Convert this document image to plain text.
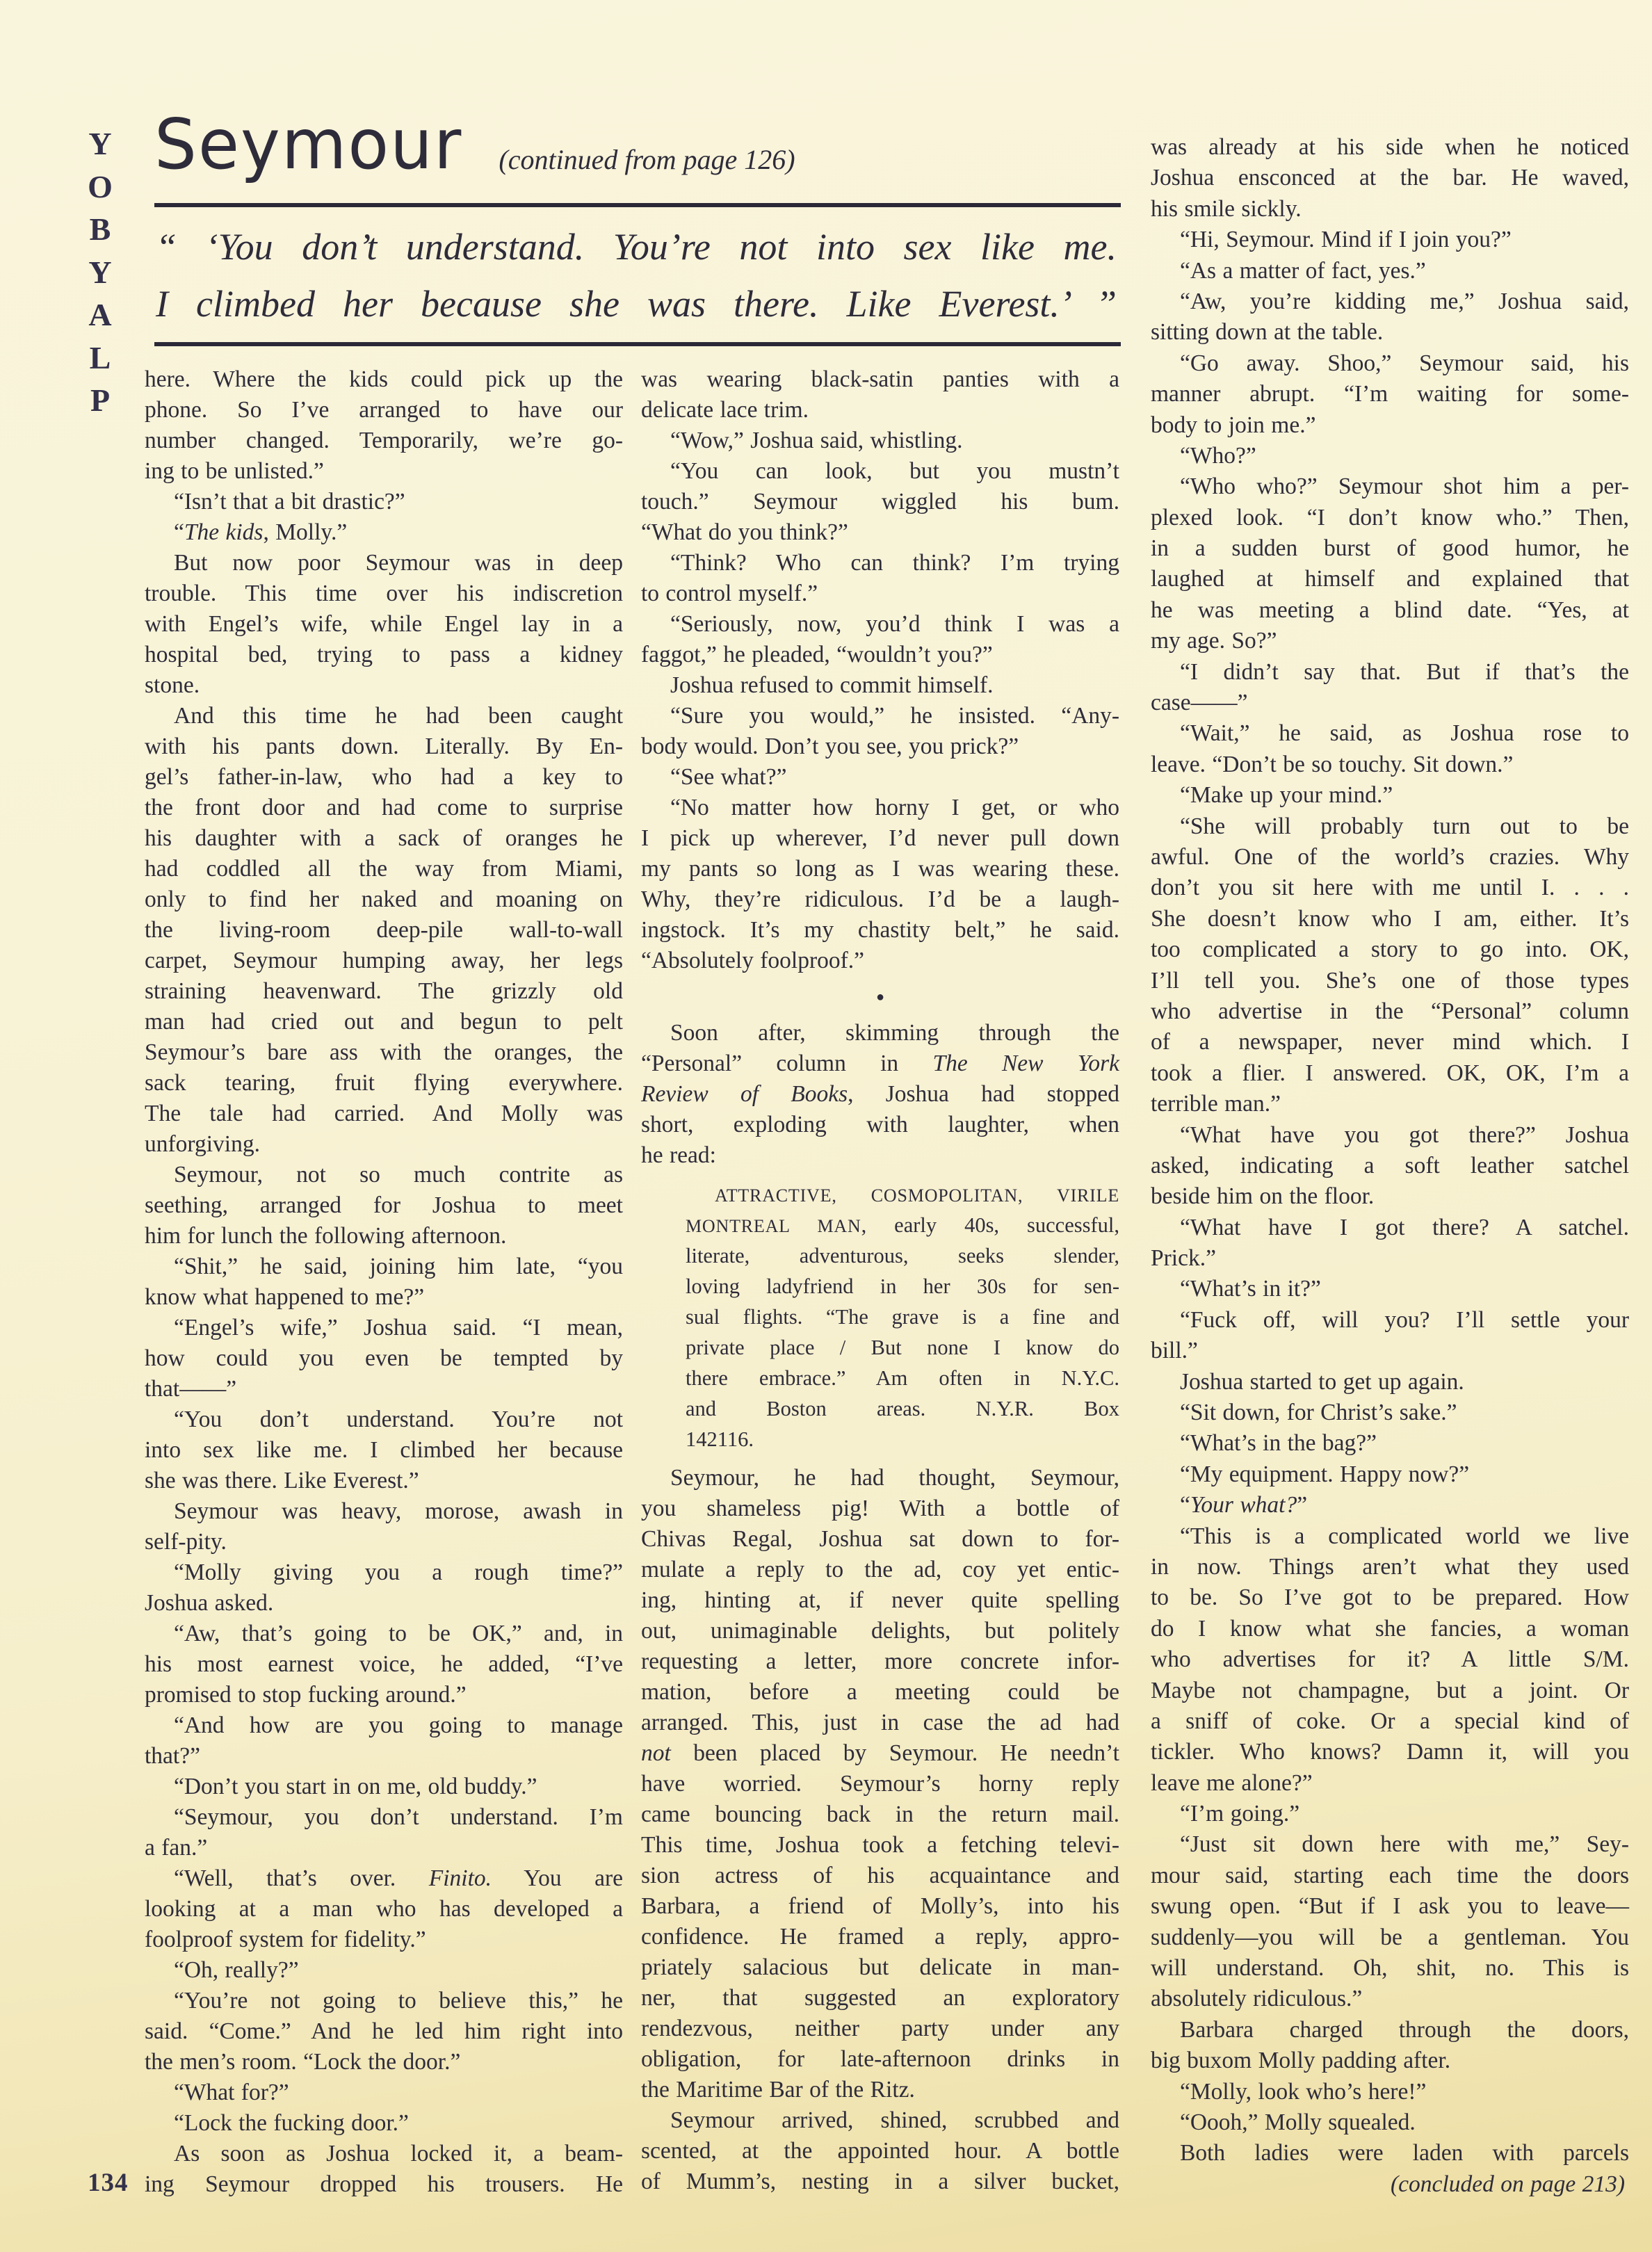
P
L
A
Y
B
O
Y Seymour (continued from page 126)
“ ‘You don’t understand. You’re not into sex like me.
I climbed her because she was there. Like Everest.’ ”
here. Where the kids could pick up the
phone. So I’ve arranged to have our
number changed. Temporarily, we’re go-
ing to be unlisted.”
“Isn’t that a bit drastic?”
“The kids, Molly.”
But now poor Seymour was in deep
trouble. This time over his indiscretion
with Engel’s wife, while Engel lay in a
hospital bed, trying to pass a kidney
stone.
And this time he had been caught
with his pants down. Literally. By En-
gel’s father-in-law, who had a key to
the front door and had come to surprise
his daughter with a sack of oranges he
had coddled all the way from Miami,
only to find her naked and moaning on
the living-room deep-pile wall-to-wall
carpet, Seymour humping away, her legs
straining heavenward. The grizzly old
man had cried out and begun to pelt
Seymour’s bare ass with the oranges, the
sack tearing, fruit flying everywhere.
The tale had carried. And Molly was
unforgiving.
Seymour, not so much contrite as
seething, arranged for Joshua to meet
him for lunch the following afternoon.
“Shit,” he said, joining him late, “you
know what happened to me?”
“Engel’s wife,” Joshua said. “I mean,
how could you even be tempted by
that——”
“You don’t understand. You’re not
into sex like me. I climbed her because
she was there. Like Everest.”
Seymour was heavy, morose, awash in
self-pity.
“Molly giving you a rough time?”
Joshua asked.
“Aw, that’s going to be OK,” and, in
his most earnest voice, he added, “I’ve
promised to stop fucking around.”
“And how are you going to manage
that?”
“Don’t you start in on me, old buddy.”
“Seymour, you don’t understand. I’m
a fan.”
“Well, that’s over. Finito. You are
looking at a man who has developed a
foolproof system for fidelity.”
“Oh, really?”
“You’re not going to believe this,” he
said. “Come.” And he led him right into
the men’s room. “Lock the door.”
“What for?”
“Lock the fucking door.”
As soon as Joshua locked it, a beam-
ing Seymour dropped his trousers. He
was wearing black-satin panties with a
delicate lace trim.
“Wow,” Joshua said, whistling.
“You can look, but you mustn’t
touch.” Seymour wiggled his bum.
“What do you think?”
“Think? Who can think? I’m trying
to control myself.”
“Seriously, now, you’d think I was a
faggot,” he pleaded, “wouldn’t you?”
Joshua refused to commit himself.
“Sure you would,” he insisted. “Any-
body would. Don’t you see, you prick?”
“See what?”
“No matter how horny I get, or who
I pick up wherever, I’d never pull down
my pants so long as I was wearing these.
Why, they’re ridiculous. I’d be a laugh-
ingstock. It’s my chastity belt,” he said.
“Absolutely foolproof.”
●
Soon after, skimming through the
“Personal” column in The New York
Review of Books, Joshua had stopped
short, exploding with laughter, when
he read:
ATTRACTIVE, COSMOPOLITAN, VIRILE
MONTREAL MAN, early 40s, successful,
literate, adventurous, seeks slender,
loving ladyfriend in her 30s for sen-
sual flights. “The grave is a fine and
private place / But none I know do
there embrace.” Am often in N.Y.C.
and Boston areas. N.Y.R. Box
142116.
Seymour, he had thought, Seymour,
you shameless pig! With a bottle of
Chivas Regal, Joshua sat down to for-
mulate a reply to the ad, coy yet entic-
ing, hinting at, if never quite spelling
out, unimaginable delights, but politely
requesting a letter, more concrete infor-
mation, before a meeting could be
arranged. This, just in case the ad had
not been placed by Seymour. He needn’t
have worried. Seymour’s horny reply
came bouncing back in the return mail.
This time, Joshua took a fetching televi-
sion actress of his acquaintance and
Barbara, a friend of Molly’s, into his
confidence. He framed a reply, appro-
priately salacious but delicate in man-
ner, that suggested an exploratory
rendezvous, neither party under any
obligation, for late-afternoon drinks in
the Maritime Bar of the Ritz.
Seymour arrived, shined, scrubbed and
scented, at the appointed hour. A bottle
of Mumm’s, nesting in a silver bucket,
was already at his side when he noticed
Joshua ensconced at the bar. He waved,
his smile sickly.
“Hi, Seymour. Mind if I join you?”
“As a matter of fact, yes.”
“Aw, you’re kidding me,” Joshua said,
sitting down at the table.
“Go away. Shoo,” Seymour said, his
manner abrupt. “I’m waiting for some-
body to join me.”
“Who?”
“Who who?” Seymour shot him a per-
plexed look. “I don’t know who.” Then,
in a sudden burst of good humor, he
laughed at himself and explained that
he was meeting a blind date. “Yes, at
my age. So?”
“I didn’t say that. But if that’s the
case——”
“Wait,” he said, as Joshua rose to
leave. “Don’t be so touchy. Sit down.”
“Make up your mind.”
“She will probably turn out to be
awful. One of the world’s crazies. Why
don’t you sit here with me until I. . . .
She doesn’t know who I am, either. It’s
too complicated a story to go into. OK,
I’ll tell you. She’s one of those types
who advertise in the “Personal” column
of a newspaper, never mind which. I
took a flier. I answered. OK, OK, I’m a
terrible man.”
“What have you got there?” Joshua
asked, indicating a soft leather satchel
beside him on the floor.
“What have I got there? A satchel.
Prick.”
“What’s in it?”
“Fuck off, will you? I’ll settle your
bill.”
Joshua started to get up again.
“Sit down, for Christ’s sake.”
“What’s in the bag?”
“My equipment. Happy now?”
“Your what?”
“This is a complicated world we live
in now. Things aren’t what they used
to be. So I’ve got to be prepared. How
do I know what she fancies, a woman
who advertises for it? A little S/M.
Maybe not champagne, but a joint. Or
a sniff of coke. Or a special kind of
tickler. Who knows? Damn it, will you
leave me alone?”
“I’m going.”
“Just sit down here with me,” Sey-
mour said, starting each time the doors
swung open. “But if I ask you to leave—
suddenly—you will be a gentleman. You
will understand. Oh, shit, no. This is
absolutely ridiculous.”
Barbara charged through the doors,
big buxom Molly padding after.
“Molly, look who’s here!”
“Oooh,” Molly squealed.
Both ladies were laden with parcels
(concluded on page 213)
134
